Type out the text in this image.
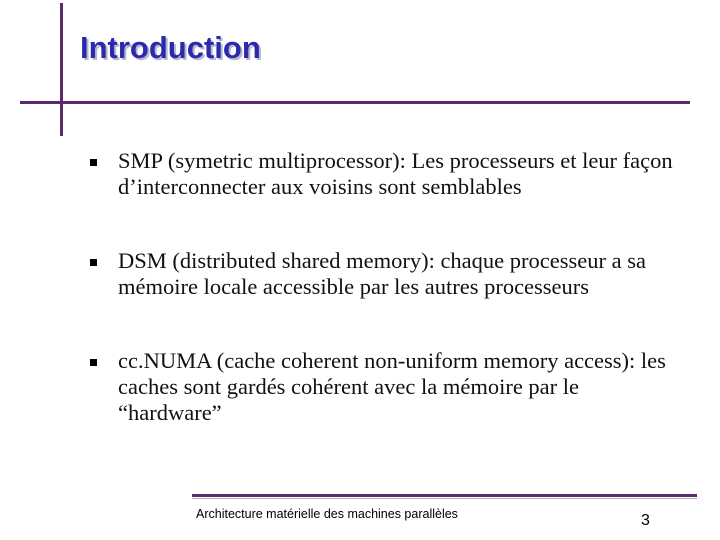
Introduction
SMP (symetric multiprocessor): Les processeurs et leur façon d’interconnecter aux voisins sont semblables
DSM (distributed shared memory): chaque processeur a sa mémoire locale accessible par les autres processeurs
cc.NUMA (cache coherent non-uniform memory access): les caches sont gardés cohérent avec la mémoire par le “hardware”
Architecture matérielle des machines parallèles	3
